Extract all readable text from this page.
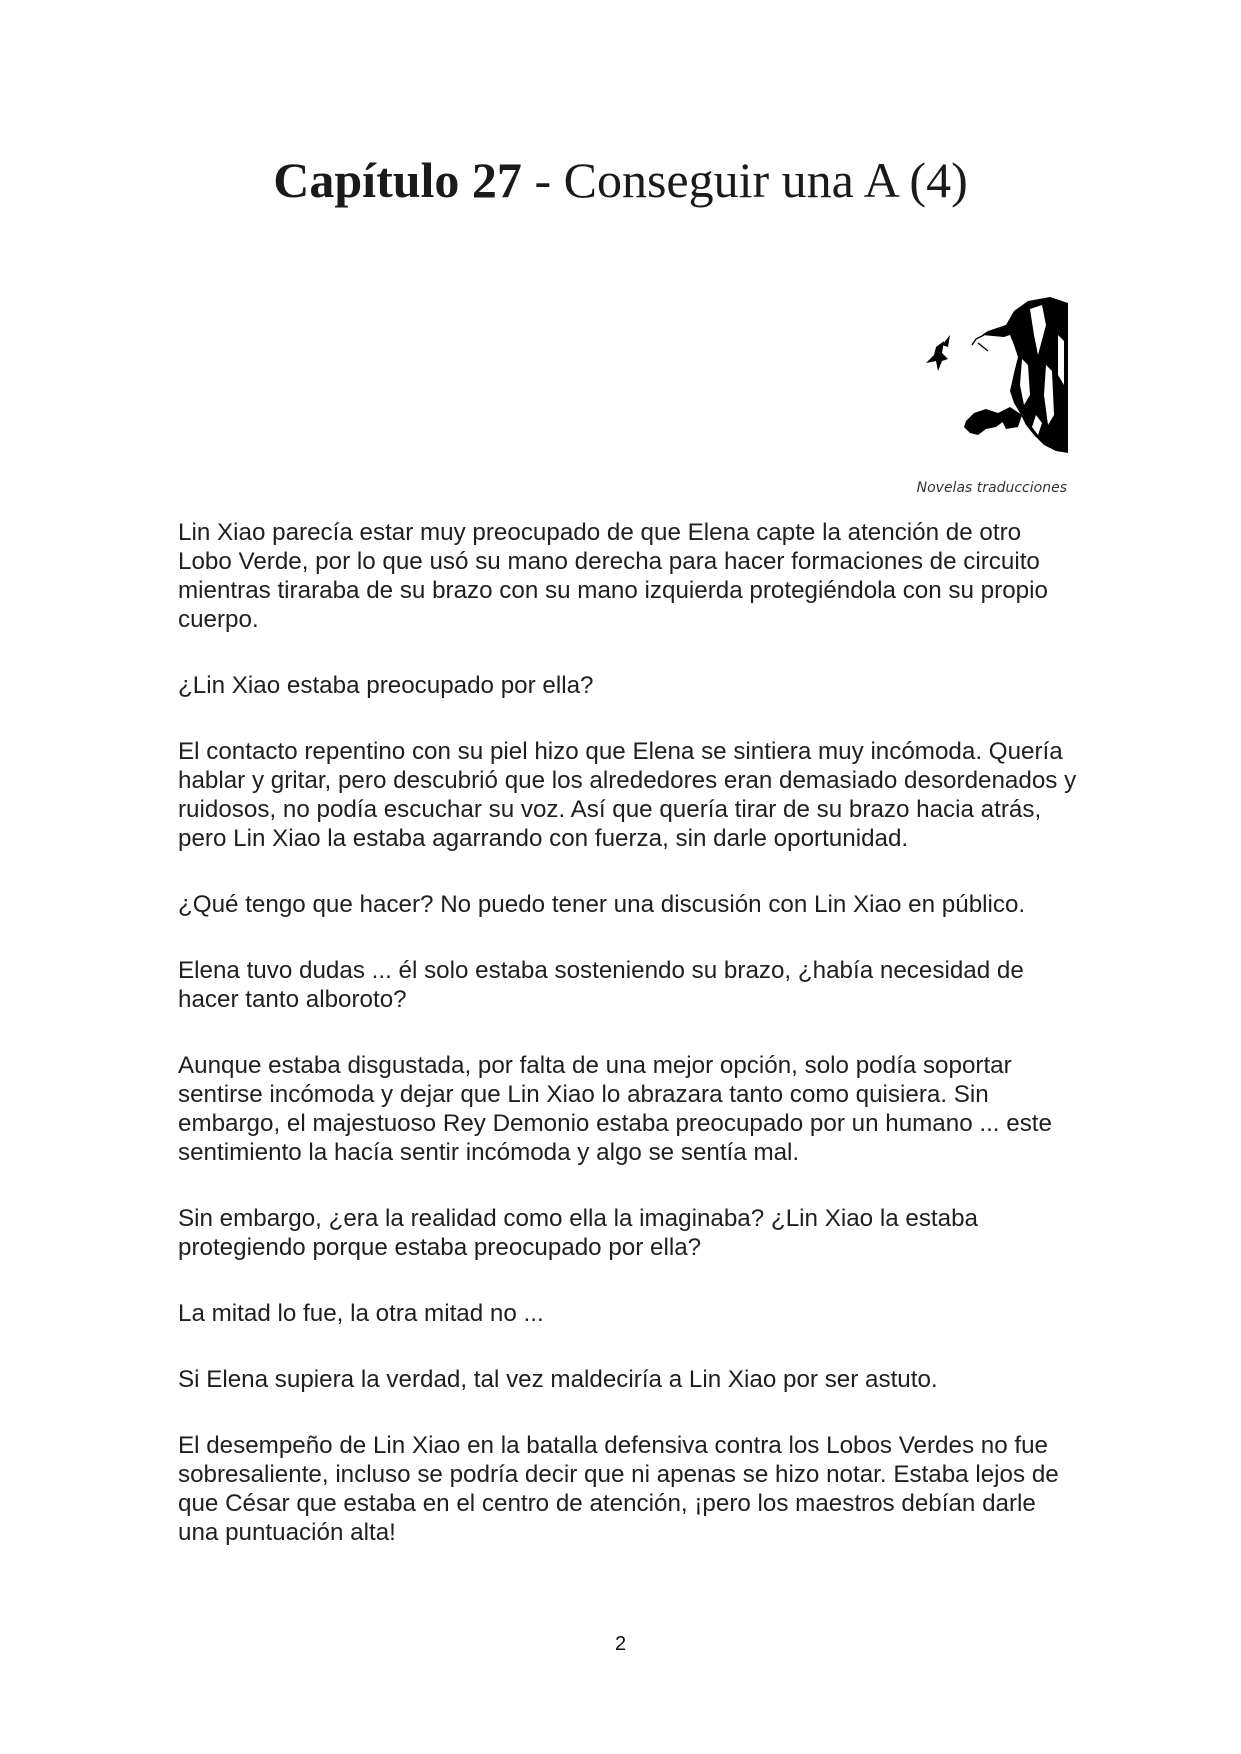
Capítulo 27 - Conseguir una A (4)
Novelas traducciones

Lin Xiao parecía estar muy preocupado de que Elena capte la atención de otro Lobo Verde, por lo que usó su mano derecha para hacer formaciones de circuito mientras tiraraba de su brazo con su mano izquierda protegiéndola con su propio cuerpo.

¿Lin Xiao estaba preocupado por ella?

El contacto repentino con su piel hizo que Elena se sintiera muy incómoda. Quería hablar y gritar, pero descubrió que los alrededores eran demasiado desordenados y ruidosos, no podía escuchar su voz. Así que quería tirar de su brazo hacia atrás, pero Lin Xiao la estaba agarrando con fuerza, sin darle oportunidad.

¿Qué tengo que hacer? No puedo tener una discusión con Lin Xiao en público.

Elena tuvo dudas ... él solo estaba sosteniendo su brazo, ¿había necesidad de hacer tanto alboroto?

Aunque estaba disgustada, por falta de una mejor opción, solo podía soportar sentirse incómoda y dejar que Lin Xiao lo abrazara tanto como quisiera. Sin embargo, el majestuoso Rey Demonio estaba preocupado por un humano ... este sentimiento la hacía sentir incómoda y algo se sentía mal.

Sin embargo, ¿era la realidad como ella la imaginaba? ¿Lin Xiao la estaba protegiendo porque estaba preocupado por ella?

La mitad lo fue, la otra mitad no ...

Si Elena supiera la verdad, tal vez maldeciría a Lin Xiao por ser astuto.

El desempeño de Lin Xiao en la batalla defensiva contra los Lobos Verdes no fue sobresaliente, incluso se podría decir que ni apenas se hizo notar. Estaba lejos de que César que estaba en el centro de atención, ¡pero los maestros debían darle una puntuación alta!

2
